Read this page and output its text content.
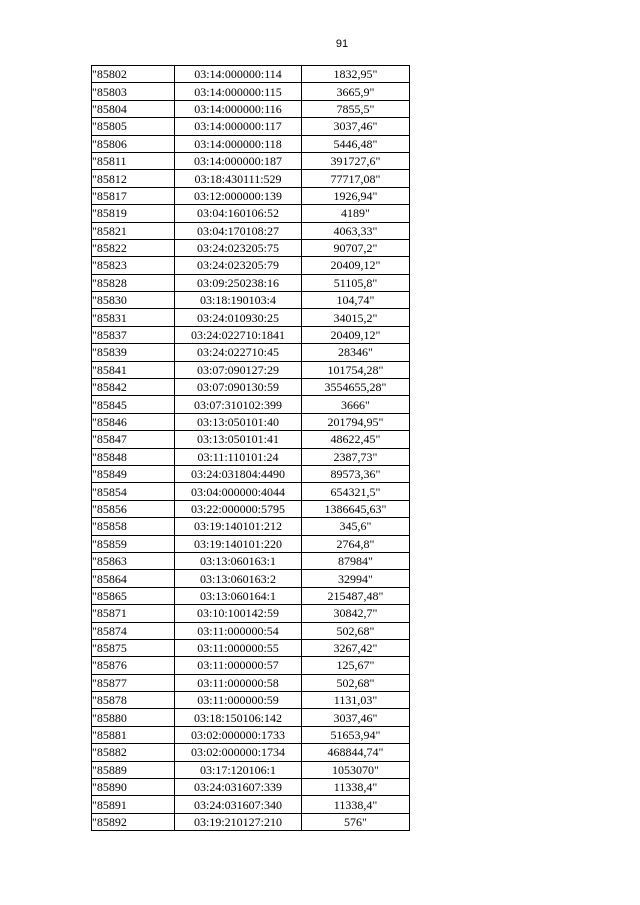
91
"85802	03:14:000000:114	1832,95"
"85803	03:14:000000:115	3665,9"
"85804	03:14:000000:116	7855,5"
"85805	03:14:000000:117	3037,46"
"85806	03:14:000000:118	5446,48"
"85811	03:14:000000:187	391727,6"
"85812	03:18:430111:529	77717,08"
"85817	03:12:000000:139	1926,94"
"85819	03:04:160106:52	4189"
"85821	03:04:170108:27	4063,33"
"85822	03:24:023205:75	90707,2"
"85823	03:24:023205:79	20409,12"
"85828	03:09:250238:16	51105,8"
"85830	03:18:190103:4	104,74"
"85831	03:24:010930:25	34015,2"
"85837	03:24:022710:1841	20409,12"
"85839	03:24:022710:45	28346"
"85841	03:07:090127:29	101754,28"
"85842	03:07:090130:59	3554655,28"
"85845	03:07:310102:399	3666"
"85846	03:13:050101:40	201794,95"
"85847	03:13:050101:41	48622,45"
"85848	03:11:110101:24	2387,73"
"85849	03:24:031804:4490	89573,36"
"85854	03:04:000000:4044	654321,5"
"85856	03:22:000000:5795	1386645,63"
"85858	03:19:140101:212	345,6"
"85859	03:19:140101:220	2764,8"
"85863	03:13:060163:1	87984"
"85864	03:13:060163:2	32994"
"85865	03:13:060164:1	215487,48"
"85871	03:10:100142:59	30842,7"
"85874	03:11:000000:54	502,68"
"85875	03:11:000000:55	3267,42"
"85876	03:11:000000:57	125,67"
"85877	03:11:000000:58	502,68"
"85878	03:11:000000:59	1131,03"
"85880	03:18:150106:142	3037,46"
"85881	03:02:000000:1733	51653,94"
"85882	03:02:000000:1734	468844,74"
"85889	03:17:120106:1	1053070"
"85890	03:24:031607:339	11338,4"
"85891	03:24:031607:340	11338,4"
"85892	03:19:210127:210	576"
